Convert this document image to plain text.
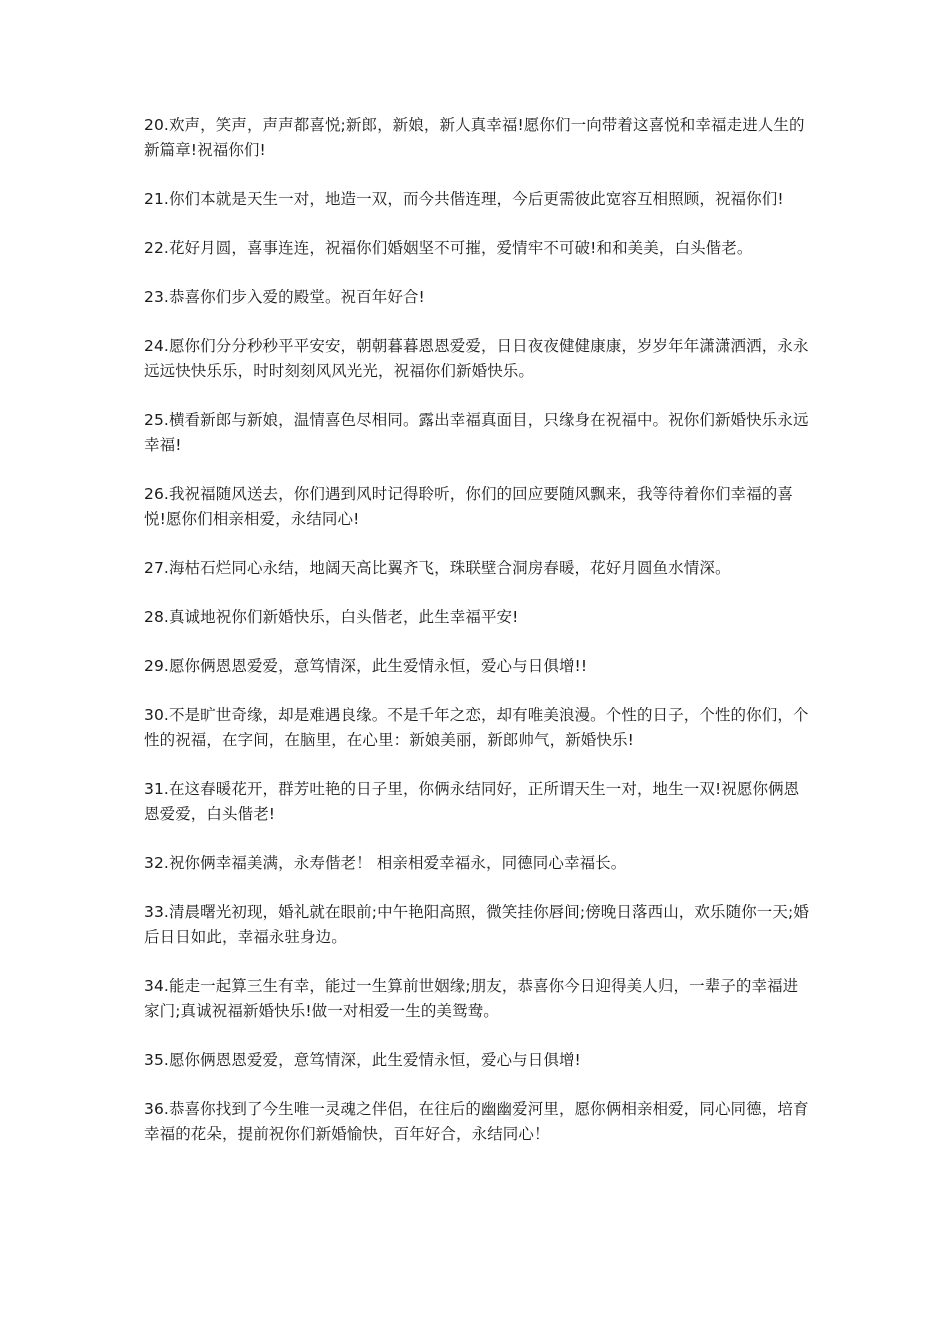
20.欢声，笑声，声声都喜悦;新郎，新娘，新人真幸福!愿你们一向带着这喜悦和幸福走进人生的新篇章!祝福你们!

21.你们本就是天生一对，地造一双，而今共偕连理，今后更需彼此宽容互相照顾，祝福你们!

22.花好月圆，喜事连连，祝福你们婚姻坚不可摧，爱情牢不可破!和和美美，白头偕老。

23.恭喜你们步入爱的殿堂。祝百年好合!

24.愿你们分分秒秒平平安安，朝朝暮暮恩恩爱爱，日日夜夜健健康康，岁岁年年潇潇洒洒，永永远远快快乐乐，时时刻刻风风光光，祝福你们新婚快乐。

25.横看新郎与新娘，温情喜色尽相同。露出幸福真面目，只缘身在祝福中。祝你们新婚快乐永远幸福!

26.我祝福随风送去，你们遇到风时记得聆听，你们的回应要随风飘来，我等待着你们幸福的喜悦!愿你们相亲相爱，永结同心!

27.海枯石烂同心永结，地阔天高比翼齐飞，珠联壁合洞房春暖，花好月圆鱼水情深。

28.真诚地祝你们新婚快乐，白头偕老，此生幸福平安!

29.愿你俩恩恩爱爱，意笃情深，此生爱情永恒，爱心与日俱增!!

30.不是旷世奇缘，却是难遇良缘。不是千年之恋，却有唯美浪漫。个性的日子，个性的你们，个性的祝福，在字间，在脑里，在心里：新娘美丽，新郎帅气，新婚快乐!

31.在这春暖花开，群芳吐艳的日子里，你俩永结同好，正所谓天生一对，地生一双!祝愿你俩恩恩爱爱，白头偕老!

32.祝你俩幸福美满，永寿偕老！ 相亲相爱幸福永，同德同心幸福长。

33.清晨曙光初现，婚礼就在眼前;中午艳阳高照，微笑挂你唇间;傍晚日落西山，欢乐随你一天;婚后日日如此，幸福永驻身边。

34.能走一起算三生有幸，能过一生算前世姻缘;朋友，恭喜你今日迎得美人归，一辈子的幸福进家门;真诚祝福新婚快乐!做一对相爱一生的美鸳鸯。

35.愿你俩恩恩爱爱，意笃情深，此生爱情永恒，爱心与日俱增!

36.恭喜你找到了今生唯一灵魂之伴侣，在往后的幽幽爱河里，愿你俩相亲相爱，同心同德，培育幸福的花朵，提前祝你们新婚愉快，百年好合，永结同心！
